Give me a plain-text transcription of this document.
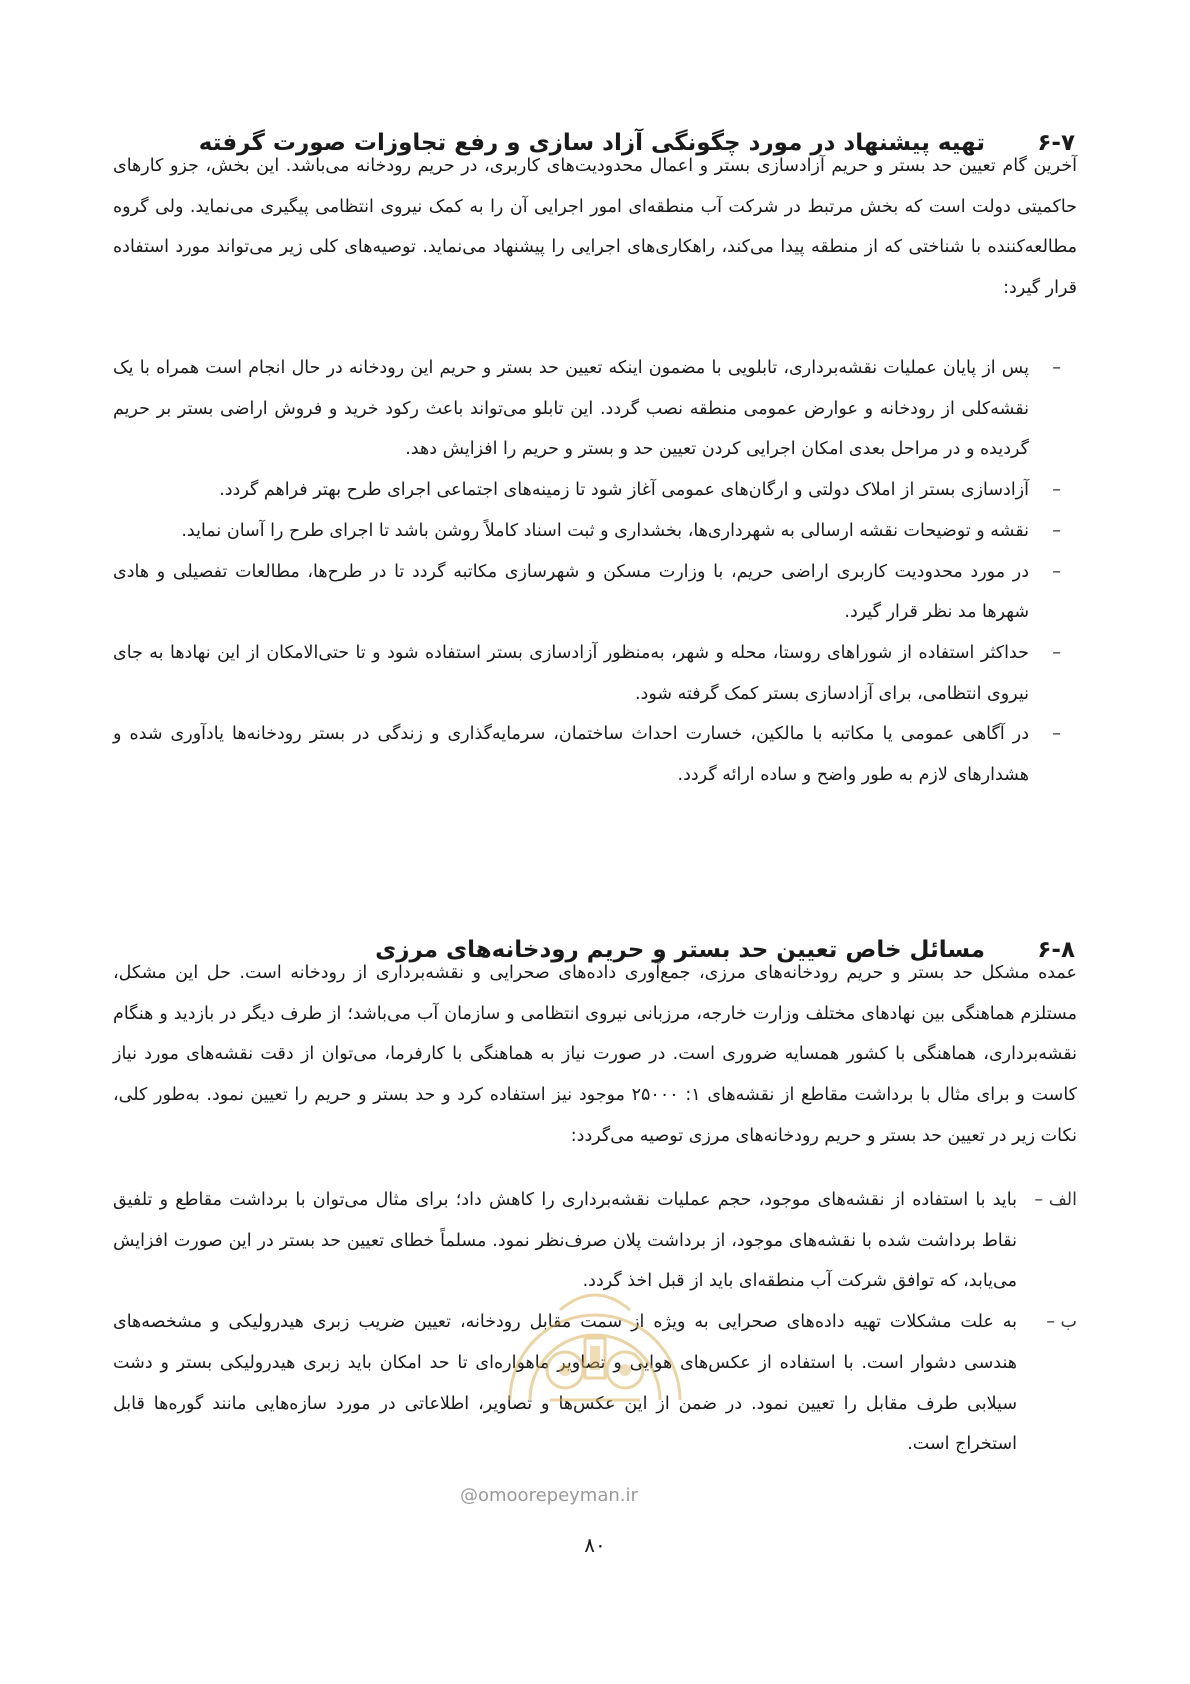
۶-۷تهیه پیشنهاد در مورد چگونگی آزاد سازی و رفع تجاوزات صورت گرفته

آخرین گام تعیین حد بستر و حریم آزادسازی بستر و اعمال محدودیت‌های کاربری، در حریم رودخانه می‌باشد. این بخش، جزو کارهای حاکمیتی دولت است که بخش مرتبط در شرکت آب منطقه‌ای امور اجرایی آن را به کمک نیروی انتظامی پیگیری می‌نماید. ولی گروه مطالعه‌کننده با شناختی که از منطقه پیدا می‌کند، راهکاری‌های اجرایی را پیشنهاد می‌نماید. توصیه‌های کلی زیر می‌تواند مورد استفاده قرار گیرد:

–
پس از پایان عملیات نقشه‌برداری، تابلویی با مضمون اینکه تعیین حد بستر و حریم این رودخانه در حال انجام است همراه با یک نقشه‌کلی از رودخانه و عوارض عمومی منطقه نصب گردد. این تابلو می‌تواند باعث رکود خرید و فروش اراضی بستر بر حریم گردیده و در مراحل بعدی امکان اجرایی کردن تعیین حد و بستر و حریم را افزایش دهد.
–
آزادسازی بستر از املاک دولتی و ارگان‌های عمومی آغاز شود تا زمینه‌های اجتماعی اجرای طرح بهتر فراهم گردد.
–
نقشه و توضیحات نقشه ارسالی به شهرداری‌ها، بخشداری و ثبت اسناد کاملاً روشن باشد تا اجرای طرح را آسان نماید.
–
در مورد محدودیت کاربری اراضی حریم، با وزارت مسکن و شهرسازی مکاتبه گردد تا در طرح‌ها، مطالعات تفصیلی و هادی شهرها مد نظر قرار گیرد.
–
حداکثر استفاده از شوراهای روستا، محله و شهر، به‌منظور آزادسازی بستر استفاده شود و تا حتی‌الامکان از این نهادها به جای نیروی انتظامی، برای آزادسازی بستر کمک گرفته شود.
–
در آگاهی عمومی یا مکاتبه با مالکین، خسارت احداث ساختمان، سرمایه‌گذاری و زندگی در بستر رودخانه‌ها یادآوری شده و هشدارهای لازم به طور واضح و ساده ارائه گردد.
۶-۸مسائل خاص تعیین حد بستر و حریم رودخانه‌های مرزی

عمده مشکل حد بستر و حریم رودخانه‌های مرزی، جمع‌آوری داده‌های صحرایی و نقشه‌برداری از رودخانه است. حل این مشکل، مستلزم هماهنگی بین نهادهای مختلف وزارت خارجه، مرزبانی نیروی انتظامی و سازمان آب می‌باشد؛ از طرف دیگر در بازدید و هنگام نقشه‌برداری، هماهنگی با کشور همسایه ضروری است. در صورت نیاز به هماهنگی با کارفرما، می‌توان از دقت نقشه‌های مورد نیاز کاست و برای مثال با برداشت مقاطع از نقشه‌های ۱: ۲۵۰۰۰ موجود نیز استفاده کرد و حد بستر و حریم را تعیین نمود. به‌طور کلی، نکات زیر در تعیین حد بستر و حریم رودخانه‌های مرزی توصیه می‌گردد:

الف –
باید با استفاده از نقشه‌های موجود، حجم عملیات نقشه‌برداری را کاهش داد؛ برای مثال می‌توان با برداشت مقاطع و تلفیق نقاط برداشت شده با نقشه‌های موجود، از برداشت پلان صرف‌نظر نمود. مسلماً خطای تعیین حد بستر در این صورت افزایش می‌یابد، که توافق شرکت آب منطقه‌ای باید از قبل اخذ گردد.
ب –
به علت مشکلات تهیه داده‌های صحرایی به ویژه از سمت مقابل رودخانه، تعیین ضریب زبری هیدرولیکی و مشخصه‌های هندسی دشوار است. با استفاده از عکس‌های هوایی و تصاویر ماهواره‌ای تا حد امکان باید زبری هیدرولیکی بستر و دشت سیلابی طرف مقابل را تعیین نمود. در ضمن از این عکس‌ها و تصاویر، اطلاعاتی در مورد سازه‌هایی مانند گوره‌ها قابل استخراج است.
@omoorepeyman.ir
۸۰
